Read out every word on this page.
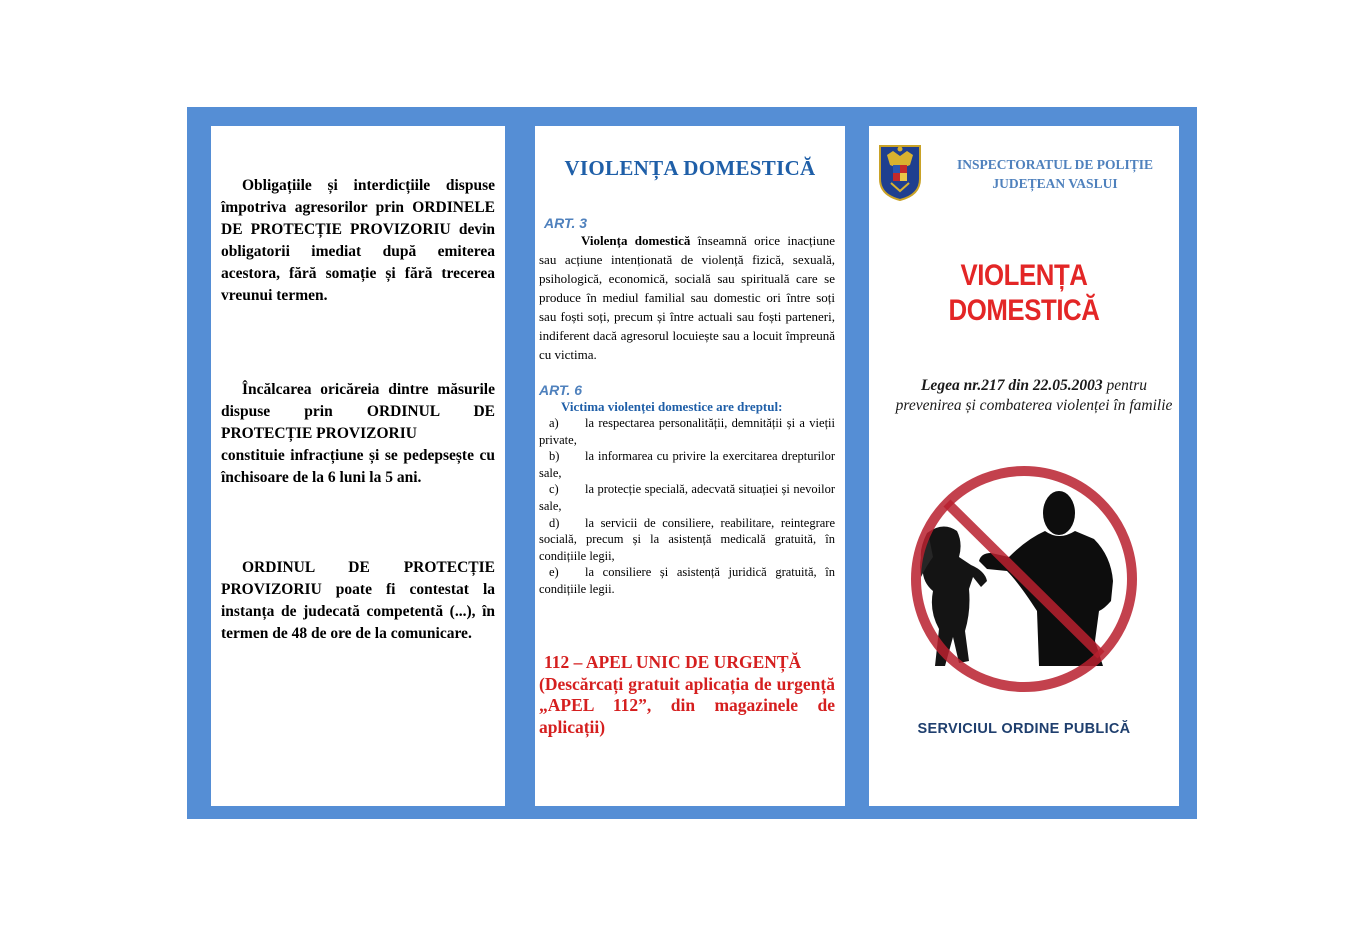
Obligațiile și interdicțiile dispuse împotriva agresorilor prin ORDINELE DE PROTECȚIE PROVIZORIU devin obligatorii imediat după emiterea acestora, fără somație și fără trecerea vreunui termen.
Încălcarea oricăreia dintre măsurile dispuse prin ORDINUL DE PROTECȚIE PROVIZORIU
constituie infracțiune și se pedepsește cu închisoare de la 6 luni la 5 ani.
ORDINUL DE PROTECȚIE PROVIZORIU poate fi contestat la instanța de judecată competentă (...), în termen de 48 de ore de la comunicare.
VIOLENȚA DOMESTICĂ
ART. 3
Violența domestică înseamnă orice inacțiune sau acțiune intenționată de violență fizică, sexuală, psihologică, economică, socială sau spirituală care se produce în mediul familial sau domestic ori între soți sau foști soți, precum și între actuali sau foști parteneri, indiferent dacă agresorul locuiește sau a locuit împreună cu victima.
ART. 6
Victima violenței domestice are dreptul:
a) la respectarea personalității, demnității și a vieții private,
b) la informarea cu privire la exercitarea drepturilor sale,
c) la protecție specială, adecvată situației și nevoilor sale,
d) la servicii de consiliere, reabilitare, reintegrare socială, precum și la asistență medicală gratuită, în condițiile legii,
e) la consiliere și asistență juridică gratuită, în condițiile legii.
112 – APEL UNIC DE URGENȚĂ
(Descărcați gratuit aplicația de urgență „APEL 112”, din magazinele de aplicații)
INSPECTORATUL DE POLIȚIE
JUDEȚEAN VASLUI
VIOLENȚA
DOMESTICĂ
Legea nr.217 din 22.05.2003 pentru prevenirea și combaterea violenței în familie
SERVICIUL ORDINE PUBLICĂ
